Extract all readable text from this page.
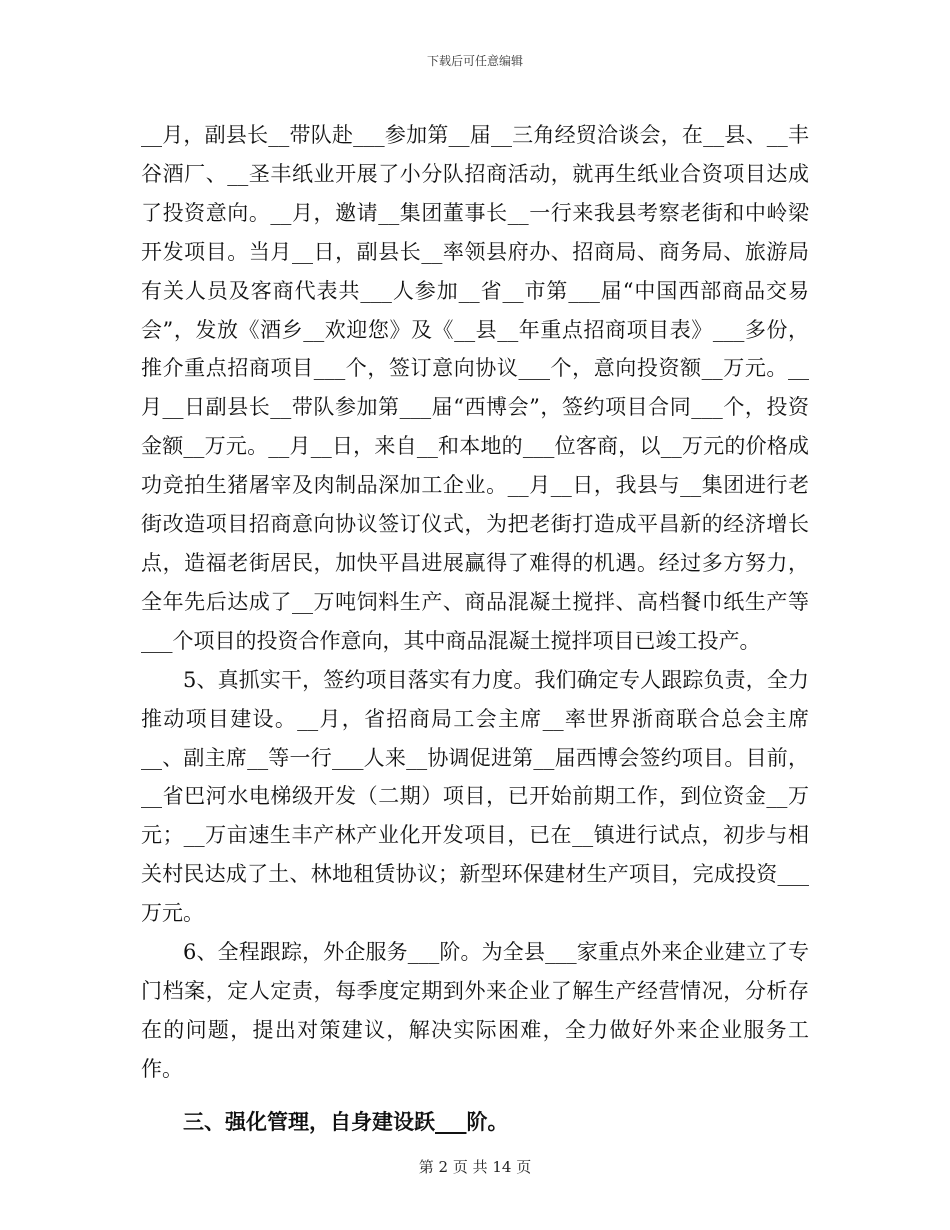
下载后可任意编辑

__月，副县长__带队赴___参加第__届__三角经贸洽谈会，在__县、__丰谷酒厂、__圣丰纸业开展了小分队招商活动，就再生纸业合资项目达成了投资意向。__月，邀请__集团董事长__一行来我县考察老街和中岭梁开发项目。当月__日，副县长__率领县府办、招商局、商务局、旅游局有关人员及客商代表共___人参加__省__市第___届“中国西部商品交易会”，发放《酒乡__欢迎您》及《__县__年重点招商项目表》___多份，推介重点招商项目___个，签订意向协议___个，意向投资额__万元。__月__日副县长__带队参加第___届“西博会”，签约项目合同___个，投资金额__万元。__月__日，来自__和本地的___位客商，以__万元的价格成功竞拍生猪屠宰及肉制品深加工企业。__月__日，我县与__集团进行老街改造项目招商意向协议签订仪式，为把老街打造成平昌新的经济增长点，造福老街居民，加快平昌进展赢得了难得的机遇。经过多方努力，全年先后达成了__万吨饲料生产、商品混凝土搅拌、高档餐巾纸生产等___个项目的投资合作意向，其中商品混凝土搅拌项目已竣工投产。

5、真抓实干，签约项目落实有力度。我们确定专人跟踪负责，全力推动项目建设。__月，省招商局工会主席__率世界浙商联合总会主席__、副主席__等一行___人来__协调促进第__届西博会签约项目。目前，__省巴河水电梯级开发（二期）项目，已开始前期工作，到位资金__万元；__万亩速生丰产林产业化开发项目，已在__镇进行试点，初步与相关村民达成了土、林地租赁协议；新型环保建材生产项目，完成投资___万元。

6、全程跟踪，外企服务___阶。为全县___家重点外来企业建立了专门档案，定人定责，每季度定期到外来企业了解生产经营情况，分析存在的问题，提出对策建议，解决实际困难，全力做好外来企业服务工作。

三、强化管理，自身建设跃___阶。

第 2 页 共 14 页
